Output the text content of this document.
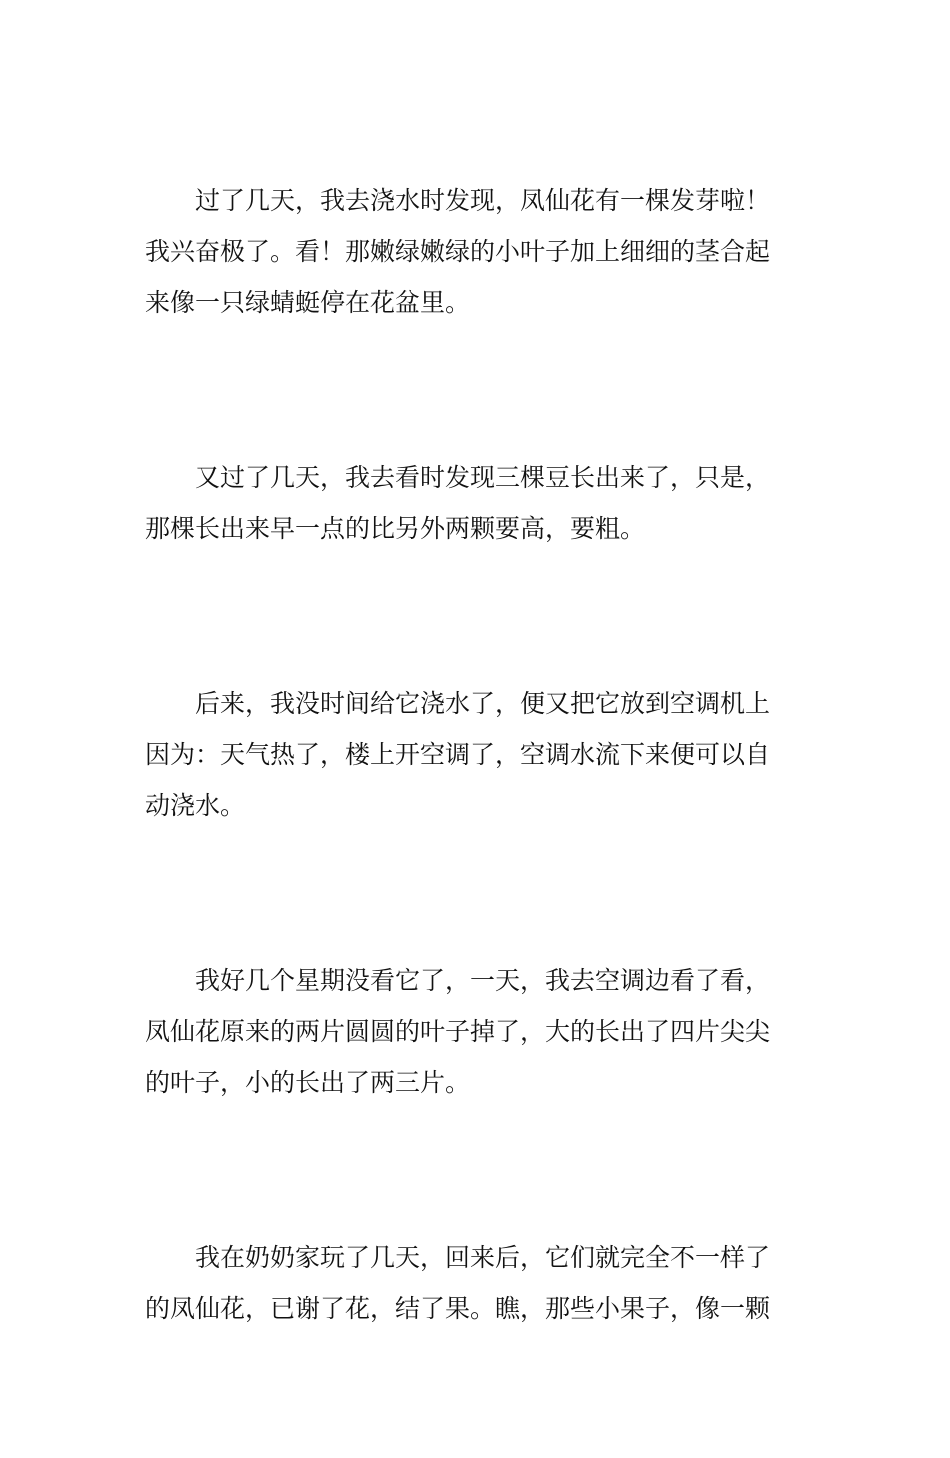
过了几天，我去浇水时发现，凤仙花有一棵发芽啦！
我兴奋极了。看！那嫩绿嫩绿的小叶子加上细细的茎合起
来像一只绿蜻蜓停在花盆里。

又过了几天，我去看时发现三棵豆长出来了，只是，
那棵长出来早一点的比另外两颗要高，要粗。

后来，我没时间给它浇水了，便又把它放到空调机上
因为：天气热了，楼上开空调了，空调水流下来便可以自
动浇水。

我好几个星期没看它了，一天，我去空调边看了看，
凤仙花原来的两片圆圆的叶子掉了，大的长出了四片尖尖
的叶子，小的长出了两三片。

我在奶奶家玩了几天，回来后，它们就完全不一样了
的凤仙花，已谢了花，结了果。瞧，那些小果子，像一颗
